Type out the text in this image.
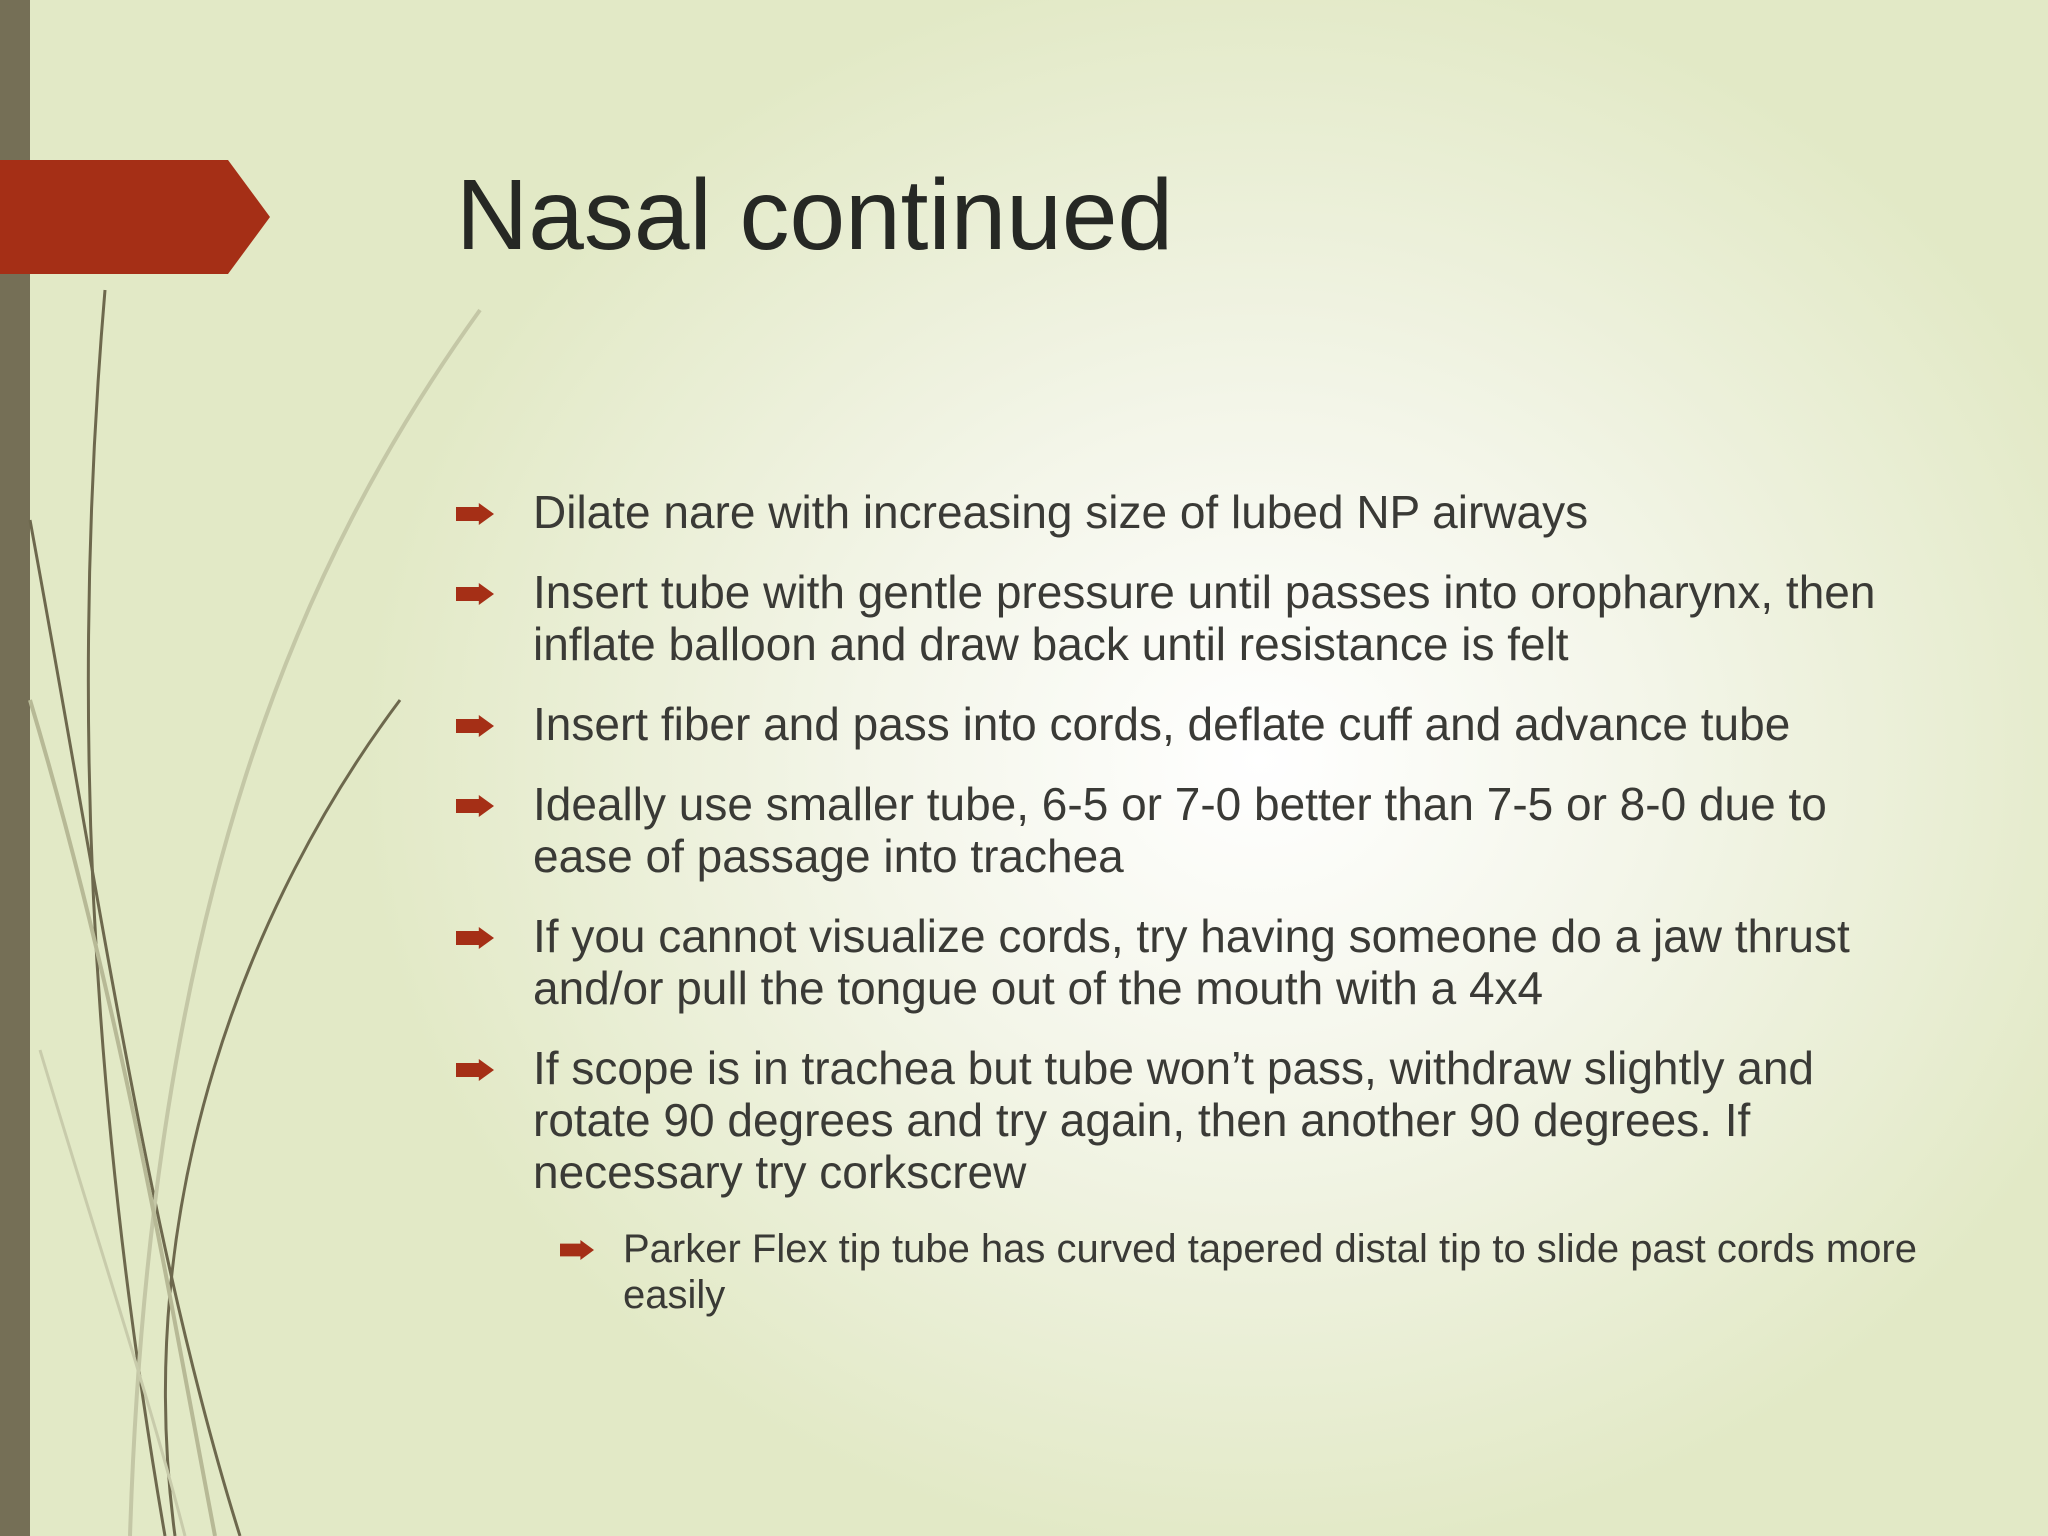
Nasal continued
Dilate nare with increasing size of lubed NP airways
Insert tube with gentle pressure until passes into oropharynx, then inflate balloon and draw back until resistance is felt
Insert fiber and pass into cords, deflate cuff and advance tube
Ideally use smaller tube, 6-5 or 7-0 better than 7-5 or 8-0 due to ease of passage into trachea
If you cannot visualize cords, try having someone do a jaw thrust and/or pull the tongue out of the mouth with a 4x4
If scope is in trachea but tube won’t pass, withdraw slightly and rotate 90 degrees and try again, then another 90 degrees. If necessary try corkscrew
Parker Flex tip tube has curved tapered distal tip to slide past cords more easily
